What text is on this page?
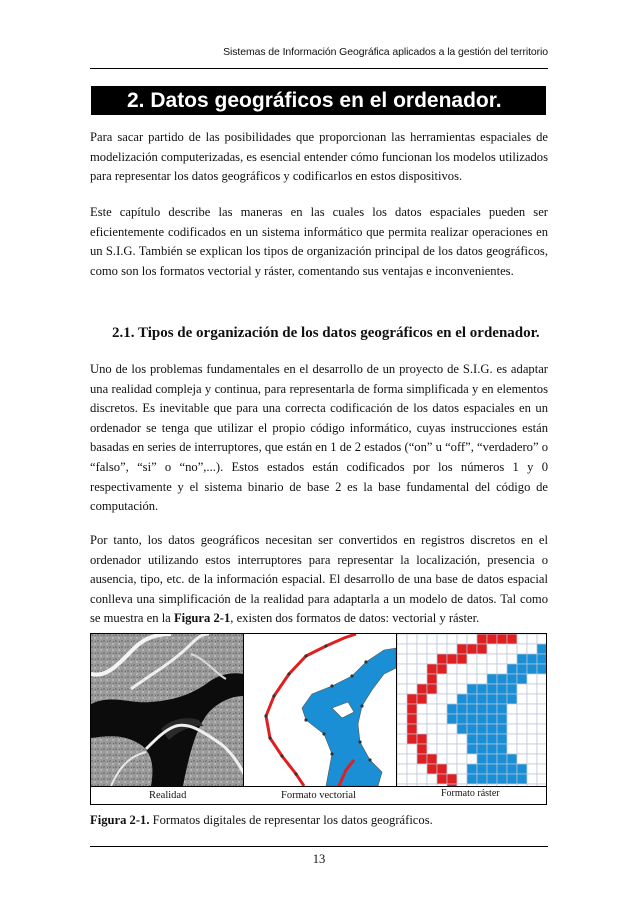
Sistemas de Información Geográfica aplicados a la gestión del territorio
2. Datos geográficos en el ordenador.

Para sacar partido de las posibilidades que proporcionan las herramientas espaciales de modelización computerizadas, es esencial entender cómo funcionan los modelos utilizados para representar los datos geográficos y codificarlos en estos dispositivos.

Este capítulo describe las maneras en las cuales los datos espaciales pueden ser eficientemente codificados en un sistema informático que permita realizar operaciones en un S.I.G. También se explican los tipos de organización principal de los datos geográficos, como son los formatos vectorial y ráster, comentando sus ventajas e inconvenientes.

2.1. Tipos de organización de los datos geográficos en el ordenador.

Uno de los problemas fundamentales en el desarrollo de un proyecto de S.I.G. es adaptar una realidad compleja y continua, para representarla de forma simplificada y en elementos discretos. Es inevitable que para una correcta codificación de los datos espaciales en un ordenador se tenga que utilizar el propio código informático, cuyas instrucciones están basadas en series de interruptores, que están en 1 de 2 estados (“on” u “off”, “verdadero” o “falso”, “si” o “no”,...). Estos estados están codificados por los números 1 y 0 respectivamente y el sistema binario de base 2 es la base fundamental del código de computación.

Por tanto, los datos geográficos necesitan ser convertidos en registros discretos en el ordenador utilizando estos interruptores para representar la localización, presencia o ausencia, tipo, etc. de la información espacial. El desarrollo de una base de datos espacial conlleva una simplificación de la realidad para adaptarla a un modelo de datos. Tal como se muestra en la Figura 2-1, existen dos formatos de datos: vectorial y ráster.

Realidad	Formato vectorial	Formato ráster

Figura 2-1. Formatos digitales de representar los datos geográficos.

13
